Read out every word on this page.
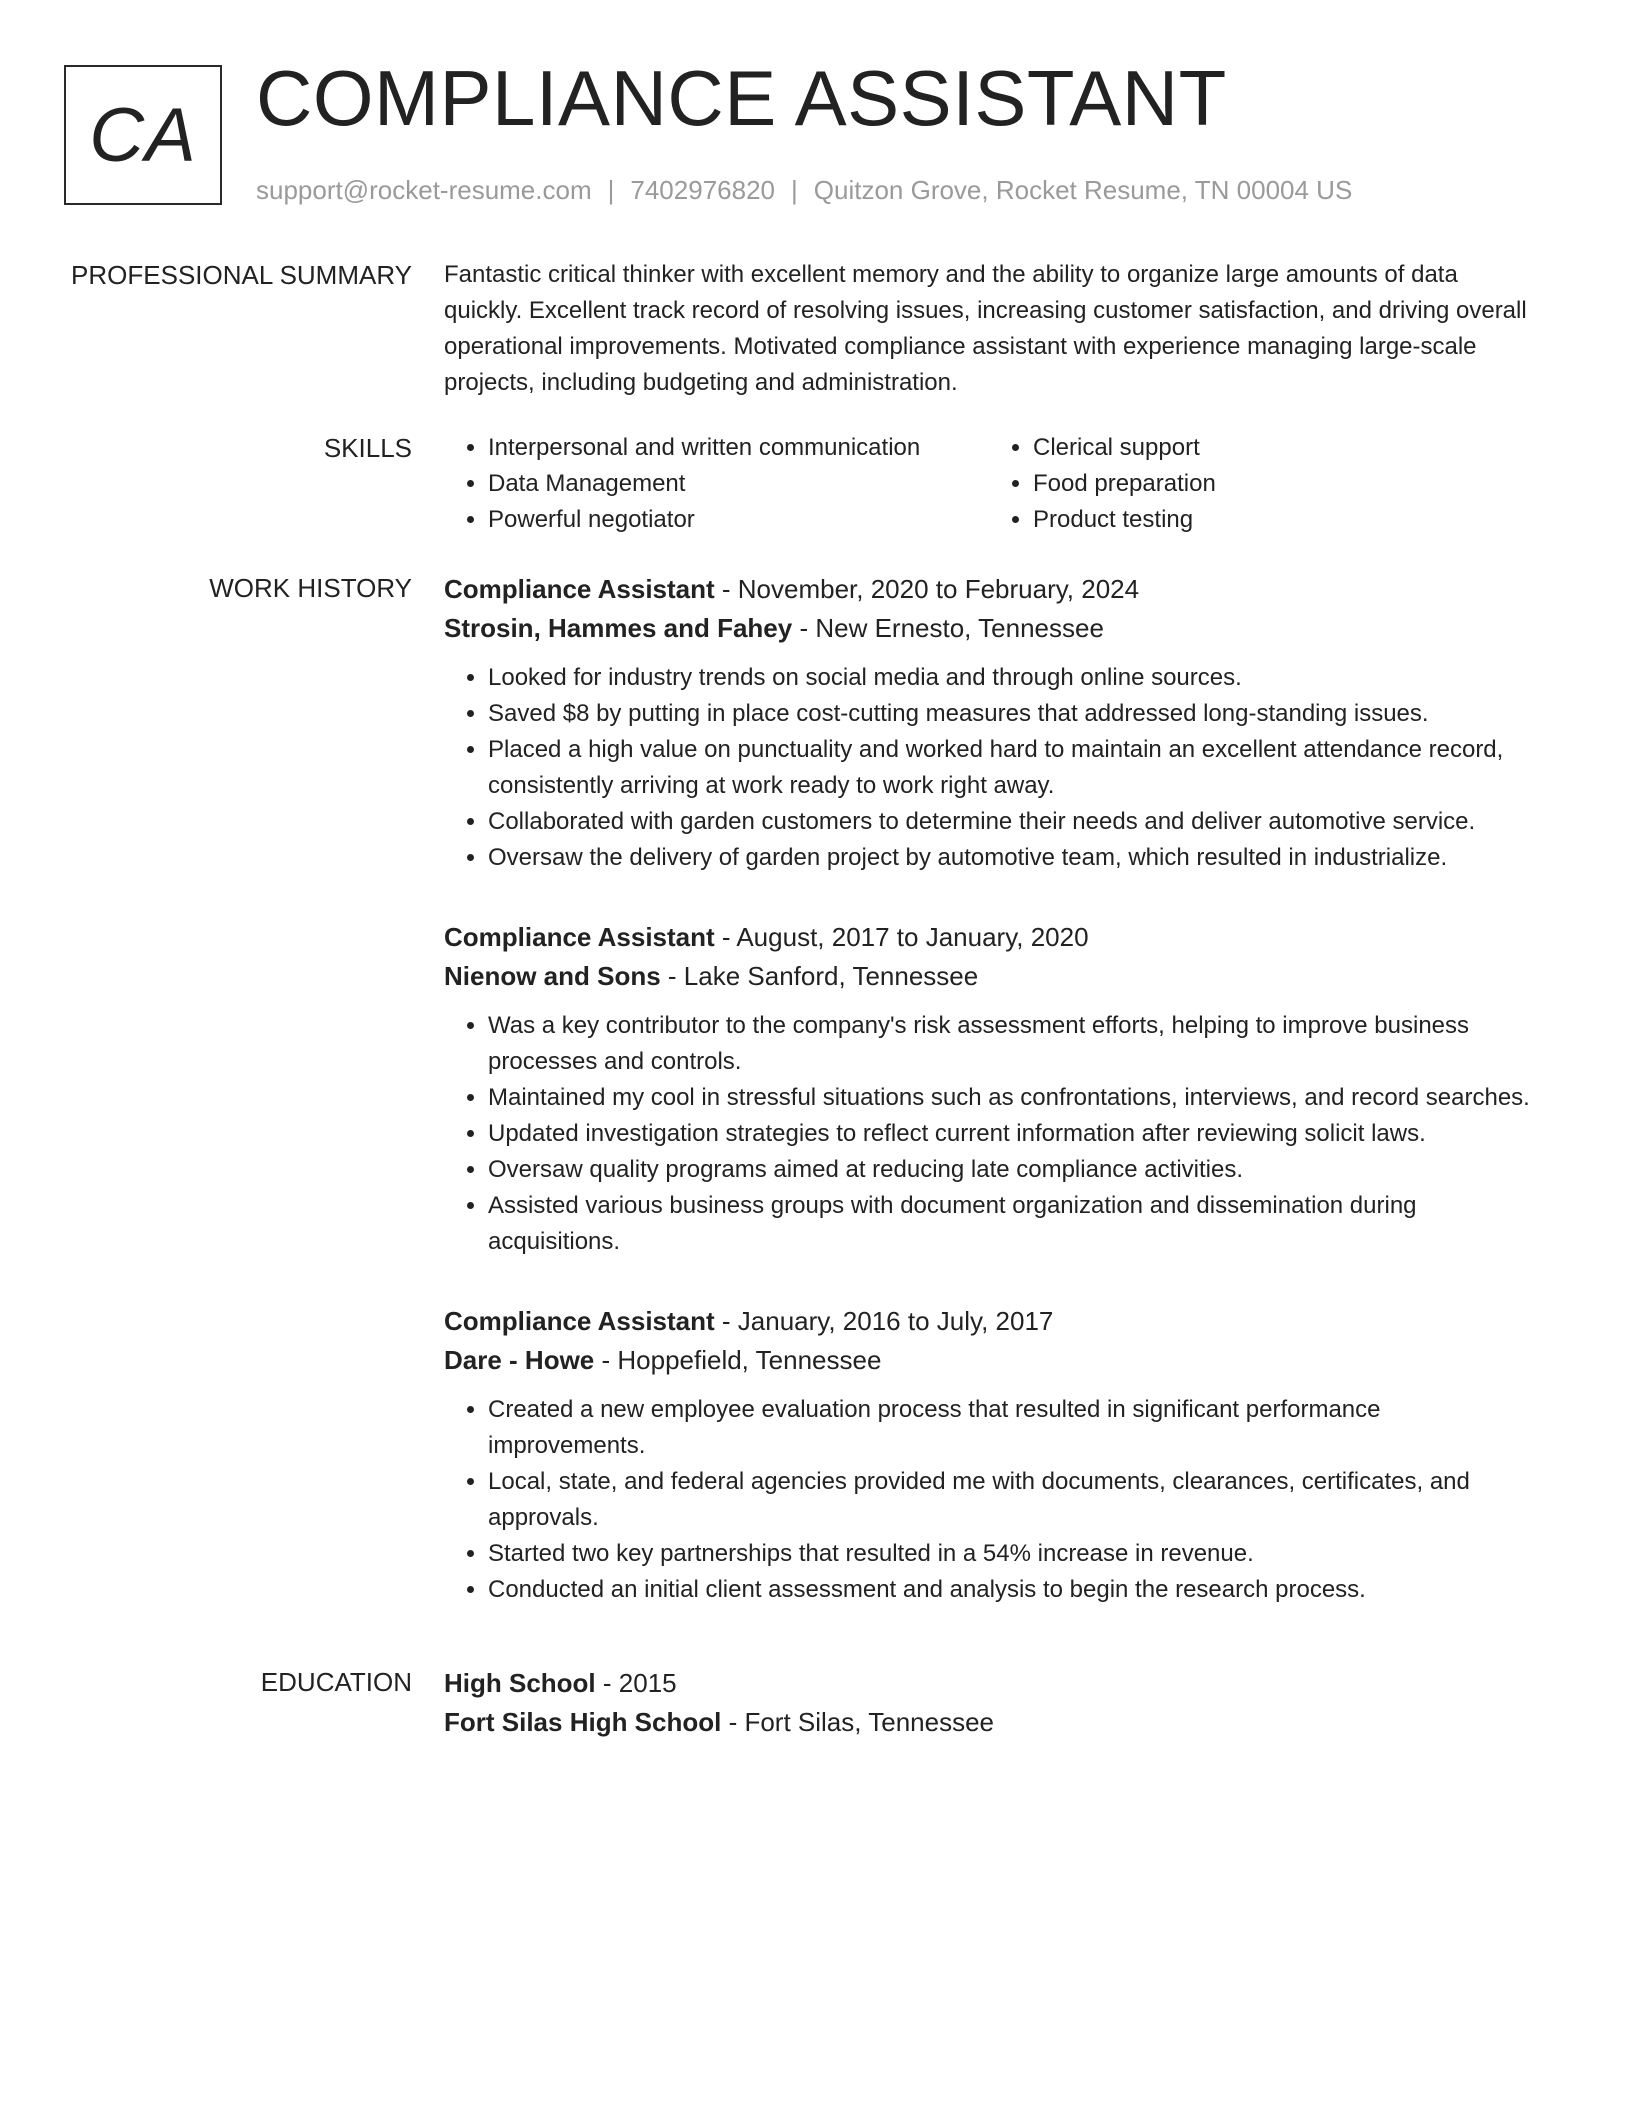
CA COMPLIANCE ASSISTANT
support@rocket-resume.com | 7402976820 | Quitzon Grove, Rocket Resume, TN 00004 US
PROFESSIONAL SUMMARY Fantastic critical thinker with excellent memory and the ability to organize large amounts of data quickly. Excellent track record of resolving issues, increasing customer satisfaction, and driving overall operational improvements. Motivated compliance assistant with experience managing large-scale projects, including budgeting and administration.

SKILLS
•	Interpersonal and written communication
• Data Management
• Powerful negotiator
• Clerical support
• Food preparation
• Product testing
WORK HISTORY Compliance Assistant - November, 2020 to February, 2024
Strosin, Hammes and Fahey - New Ernesto, Tennessee
• Looked for industry trends on social media and through online sources.
• Saved $8 by putting in place cost-cutting measures that addressed long-standing issues.
• Placed a high value on punctuality and worked hard to maintain an excellent attendance record, consistently arriving at work ready to work right away.
• Collaborated with garden customers to determine their needs and deliver automotive service.
• Oversaw the delivery of garden project by automotive team, which resulted in industrialize.
Compliance Assistant - August, 2017 to January, 2020
Nienow and Sons - Lake Sanford, Tennessee
• Was a key contributor to the company's risk assessment efforts, helping to improve business processes and controls.
• Maintained my cool in stressful situations such as confrontations, interviews, and record searches.
• Updated investigation strategies to reflect current information after reviewing solicit laws.
• Oversaw quality programs aimed at reducing late compliance activities.
• Assisted various business groups with document organization and dissemination during acquisitions.
Compliance Assistant - January, 2016 to July, 2017
Dare - Howe - Hoppefield, Tennessee
• Created a new employee evaluation process that resulted in significant performance improvements.
• Local, state, and federal agencies provided me with documents, clearances, certificates, and approvals.
• Started two key partnerships that resulted in a 54% increase in revenue.
• Conducted an initial client assessment and analysis to begin the research process.
EDUCATION High School - 2015
Fort Silas High School - Fort Silas, Tennessee
